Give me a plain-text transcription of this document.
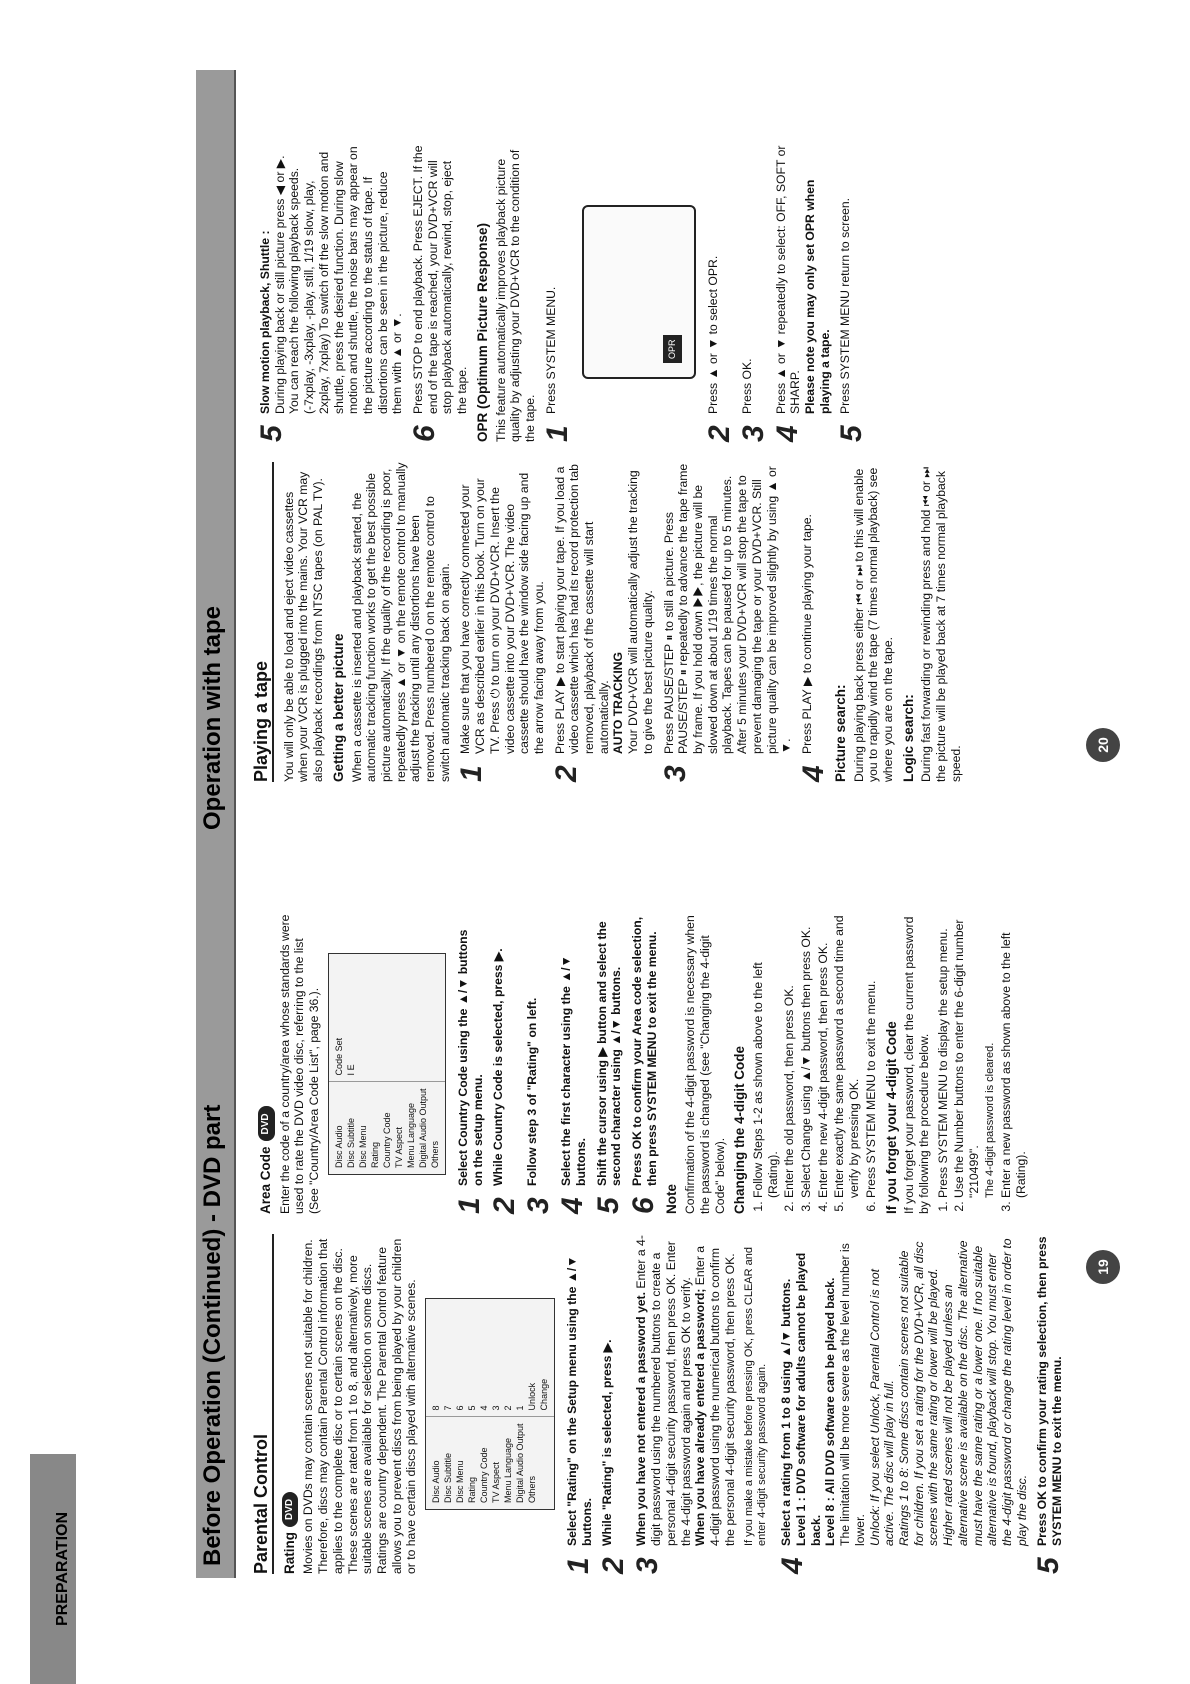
PREPARATION
Before Operation (Continued) - DVD part Parental Control RatingDVD Movies on DVDs may contain scenes not suitable for children. Therefore, discs may contain Parental Control information that applies to the complete disc or to certain scenes on the disc. These scenes are rated from 1 to 8, and alternatively, more suitable scenes are available for selection on some discs. Ratings are country dependent. The Parental Control feature allows you to prevent discs from being played by your children or to have certain discs played with alternative scenes. Disc Audio Disc Subtitle Disc Menu Rating Country Code TV Aspect Menu Language Digital Audio Output Others
8 7 6 5 4 3 2 1 Unlock Change
1
Select "Rating" on the Setup menu using the ▲/▼ buttons.
2
While "Rating" is selected, press ▶.
3
When you have not entered a password yet. Enter a 4-digit password using the numbered buttons to create a personal 4-digit security password, then press OK. Enter the 4-digit password again and press OK to verify.
When you have already entered a password; Enter a 4-digit password using the numerical buttons to confirm the personal 4-digit security password, then press OK. If you make a mistake before pressing OK, press CLEAR and enter 4-digit security password again.

4
Select a rating from 1 to 8 using ▲/▼ buttons.
Level 1 : DVD software for adults cannot be played back.
Level 8 : All DVD software can be played back.
The limitation will be more severe as the level number is lower.
Unlock: If you select Unlock, Parental Control is not active. The disc will play in full.
Ratings 1 to 8: Some discs contain scenes not suitable for children. If you set a rating for the DVD+VCR, all disc scenes with the same rating or lower will be played. Higher rated scenes will not be played unless an alternative scene is available on the disc. The alternative must have the same rating or a lower one. If no suitable alternative is found, playback will stop. You must enter the 4-digit password or change the rating level in order to play the disc.
5
Press OK to confirm your rating selection, then press SYSTEM MENU to exit the menu.
Area CodeDVD Enter the code of a country/area whose standards were used to rate the DVD video disc, referring to the list (See "Country/Area Code List", page 36.). Disc Audio Disc Subtitle Disc Menu Rating Country Code TV Aspect Menu Language Digital Audio Output Others
Code Set I E
1
Select Country Code using the ▲/▼ buttons on the setup menu.
2
While Country Code is selected, press ▶.
3
Follow step 3 of "Rating" on left.
4
Select the first character using the ▲/▼ buttons.
5
Shift the cursor using ▶ button and select the second character using ▲/▼ buttons.
6
Press OK to confirm your Area code selection, then press SYSTEM MENU to exit the menu.
Note Confirmation of the 4-digit password is necessary when the password is changed (see "Changing the 4-digit Code" below). Changing the 4-digit Code 1. Follow Steps 1-2 as shown above to the left (Rating). 2. Enter the old password, then press OK. 3. Select Change using ▲/▼ buttons then press OK. 4. Enter the new 4-digit password, then press OK. 5. Enter exactly the same password a second time and verify by pressing OK. 6. Press SYSTEM MENU to exit the menu. If you forget your 4-digit Code If you forget your password, clear the current password by following the procedure below. 1. Press SYSTEM MENU to display the setup menu. 2. Use the Number buttons to enter the 6-digit number "210499". The 4-digit password is cleared. 3. Enter a new password as shown above to the left (Rating).
19
Operation with tape Playing a tape You will only be able to load and eject video cassettes when your VCR is plugged into the mains. Your VCR may also playback recordings from NTSC tapes (on PAL TV). Getting a better picture When a cassette is inserted and playback started, the automatic tracking function works to get the best possible picture automatically. If the quality of the recording is poor, repeatedly press ▲ or ▼ on the remote control to manually adjust the tracking until any distortions have been removed. Press numbered 0 on the remote control to switch automatic tracking back on again. 1
Make sure that you have correctly connected your VCR as described earlier in this book. Turn on your TV. Press ⏻ to turn on your DVD+VCR. Insert the video cassette into your DVD+VCR. The video cassette should have the window side facing up and the arrow facing away from you.
2
Press PLAY ▶ to start playing your tape. If you load a video cassette which has had its record protection tab removed, playback of the cassette will start automatically.
AUTO TRACKING
Your DVD+VCR will automatically adjust the tracking to give the best picture quality.
3
Press PAUSE/STEP ⏸ to still a picture. Press PAUSE/STEP ⏸ repeatedly to advance the tape frame by frame. If you hold down ▶▶, the picture will be slowed down at about 1/19 times the normal playback. Tapes can be paused for up to 5 minutes. After 5 minutes your DVD+VCR will stop the tape to prevent damaging the tape or your DVD+VCR. Still picture quality can be improved slightly by using ▲ or ▼.
4
Press PLAY ▶ to continue playing your tape.	Picture search: During playing back press either ⏮ or ⏭ to this will enable you to rapidly wind the tape (7 times normal playback) see where you are on the tape. Logic search: During fast forwarding or rewinding press and hold ⏮ or ⏭ the picture will be played back at 7 times normal playback speed.

5
Slow motion playback, Shuttle :
During playing back or still picture press ◀ or ▶. You can reach the following playback speeds. (-7xplay, -3xplay, -play, still, 1/19 slow, play, 2xplay, 7xplay) To switch off the slow motion and shuttle, press the desired function. During slow motion and shuttle, the noise bars may appear on the picture according to the status of tape. If distortions can be seen in the picture, reduce them with ▲ or ▼.
6
Press STOP to end playback. Press EJECT. If the end of the tape is reached, your DVD+VCR will stop playback automatically, rewind, stop, eject the tape. OPR (Optimum Picture Response) This feature automatically improves playback picture quality by adjusting your DVD+VCR to the condition of the tape. 1
Press SYSTEM MENU.	OPR
2
Press ▲ or ▼ to select OPR.
3
Press OK.
4
Press ▲ or ▼ repeatedly to select: OFF, SOFT or SHARP.
Please note you may only set OPR when playing a tape.
5
Press SYSTEM MENU return to screen.
20
